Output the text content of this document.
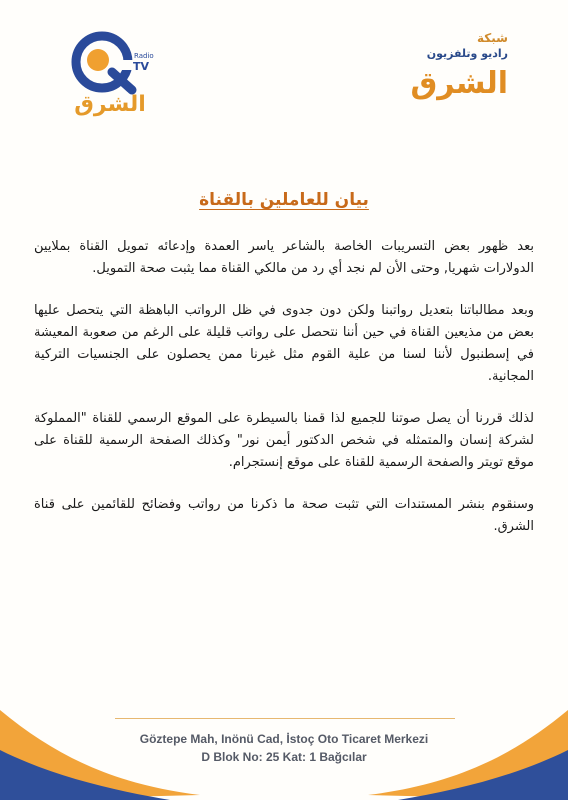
Radio
TV
الشرق
شبكة
راديو وتلفزيون
الشرق
بيان للعاملين بالقناة

بعد ظهور بعض التسريبات الخاصة بالشاعر ياسر العمدة وإدعائه تمويل القناة بملايين الدولارات شهريا, وحتى الأن لم نجد أي رد من مالكي القناة مما يثبت صحة التمويل.

وبعد مطالباتنا بتعديل رواتبنا ولكن دون جدوى في ظل الرواتب الباهظة التي يتحصل عليها بعض من مذيعين القناة في حين أننا نتحصل على رواتب قليلة على الرغم من صعوبة المعيشة في إسطنبول لأننا لسنا من علية القوم مثل غيرنا ممن يحصلون على الجنسيات التركية المجانية.

لذلك قررنا أن يصل صوتنا للجميع لذا قمنا بالسيطرة على الموقع الرسمي للقناة "المملوكة لشركة إنسان والمتمثله في شخص الدكتور أيمن نور" وكذلك الصفحة الرسمية للقناة على موقع تويتر والصفحة الرسمية للقناة على موقع إنستجرام.

وسنقوم بنشر المستندات التي تثبت صحة ما ذكرنا من رواتب وفضائح للقائمين على قناة الشرق.

Göztepe Mah, Inönü Cad, İstoç Oto Ticaret Merkezi
D Blok No: 25 Kat: 1 Bağcılar
